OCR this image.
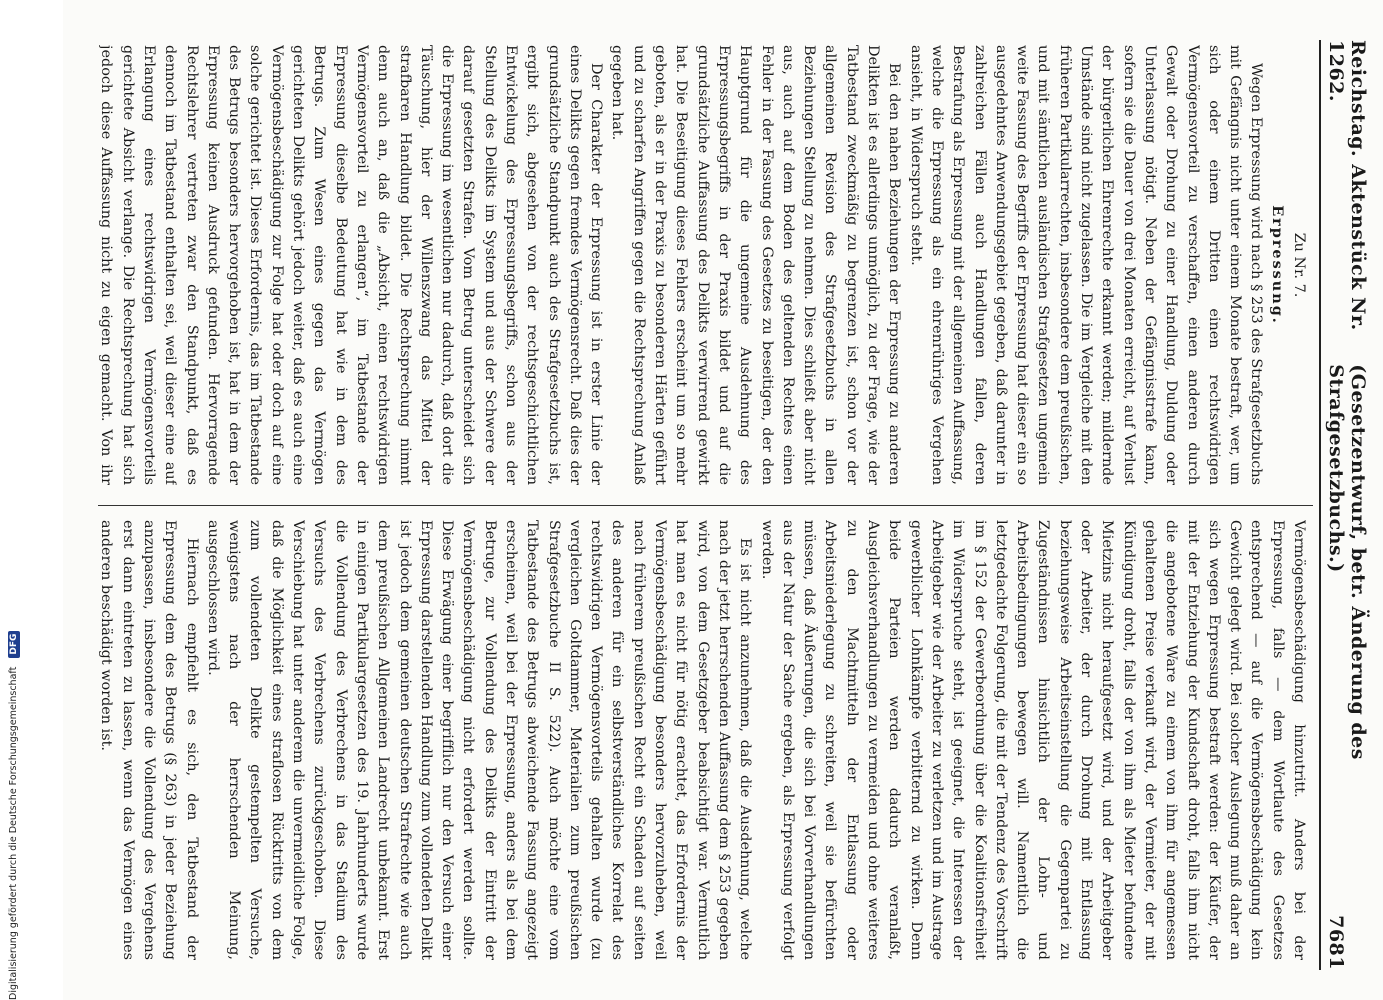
Digitalisierung gefördert durch die Deutsche Forschungsgemeinschaft DFG
Reichstag. Aktenstück Nr. 1262.
(Gesetzentwurf, betr. Änderung des Strafgesetzbuchs.)
7681

Zu Nr. 7.

Erpressung.

Wegen Erpressung wird nach § 253 des Strafgesetzbuchs mit Gefängnis nicht unter einem Monate bestraft, wer, um sich oder einem Dritten einen rechtswidrigen Vermögensvorteil zu verschaffen, einen anderen durch Gewalt oder Drohung zu einer Handlung, Duldung oder Unterlassung nötigt. Neben der Gefängnisstrafe kann, sofern sie die Dauer von drei Monaten erreicht, auf Verlust der bürgerlichen Ehrenrechte erkannt werden; mildernde Umstände sind nicht zugelassen. Die im Vergleiche mit den früheren Partikularrechten, insbesondere dem preußischen, und mit sämtlichen ausländischen Strafgesetzen ungemein weite Fassung des Begriffs der Erpressung hat dieser ein so ausgedehntes Anwendungsgebiet gegeben, daß darunter in zahlreichen Fällen auch Handlungen fallen, deren Bestrafung als Erpressung mit der allgemeinen Auffassung, welche die Erpressung als ein ehrenrühriges Vergehen ansieht, in Widerspruch steht.

Bei den nahen Beziehungen der Erpressung zu anderen Delikten ist es allerdings unmöglich, zu der Frage, wie der Tatbestand zweckmäßig zu begrenzen ist, schon vor der allgemeinen Revision des Strafgesetzbuchs in allen Beziehungen Stellung zu nehmen. Dies schließt aber nicht aus, auch auf dem Boden des geltenden Rechtes einen Fehler in der Fassung des Gesetzes zu beseitigen, der den Hauptgrund für die ungemeine Ausdehnung des Erpressungsbegriffs in der Praxis bildet und auf die grundsätzliche Auffassung des Delikts verwirrend gewirkt hat. Die Beseitigung dieses Fehlers erscheint um so mehr geboten, als er in der Praxis zu besonderen Härten geführt und zu scharfen Angriffen gegen die Rechtsprechung Anlaß gegeben hat.

Der Charakter der Erpressung ist in erster Linie der eines Delikts gegen fremdes Vermögensrecht. Daß dies der grundsätzliche Standpunkt auch des Strafgesetzbuchs ist, ergibt sich, abgesehen von der rechtsgeschichtlichen Entwickelung des Erpressungsbegriffs, schon aus der Stellung des Delikts im System und aus der Schwere der darauf gesetzten Strafen. Vom Betrug unterscheidet sich die Erpressung im wesentlichen nur dadurch, daß dort die Täuschung, hier der Willenszwang das Mittel der strafbaren Handlung bildet. Die Rechtsprechung nimmt denn auch an, daß die „Absicht, einen rechtswidrigen Vermögensvorteil zu erlangen“, im Tatbestande der Erpressung dieselbe Bedeutung hat wie in dem des Betrugs. Zum Wesen eines gegen das Vermögen gerichteten Delikts gehört jedoch weiter, daß es auch eine Vermögensbeschädigung zur Folge hat oder doch auf eine solche gerichtet ist. Dieses Erfordernis, das im Tatbestande des Betrugs besonders hervorgehoben ist, hat in dem der Erpressung keinen Ausdruck gefunden. Hervorragende Rechtslehrer vertreten zwar den Standpunkt, daß es dennoch im Tatbestand enthalten sei, weil dieser eine auf Erlangung eines rechtswidrigen Vermögensvorteils gerichtete Absicht verlange. Die Rechtsprechung hat sich jedoch diese Auffassung nicht zu eigen gemacht. Von ihr

Vermögensbeschädigung hinzutritt. Anders bei der Erpressung, falls — dem Wortlaute des Gesetzes entsprechend — auf die Vermögensbeschädigung kein Gewicht gelegt wird. Bei solcher Auslegung muß daher an sich wegen Erpressung bestraft werden: der Käufer, der mit der Entziehung der Kundschaft droht, falls ihm nicht die angebotene Ware zu einem von ihm für angemessen gehaltenen Preise verkauft wird, der Vermieter, der mit Kündigung droht, falls der von ihm als Mieter befundene Mietzins nicht heraufgesetzt wird, und der Arbeitgeber oder Arbeiter, der durch Drohung mit Entlassung beziehungsweise Arbeitseinstellung die Gegenpartei zu Zugeständnissen hinsichtlich der Lohn- und Arbeitsbedingungen bewegen will. Namentlich die letztgedachte Folgerung, die mit der Tendenz des Vorschrift im § 152 der Gewerbeordnung über die Koalitionsfreiheit im Widerspruche steht, ist geeignet, die Interessen der Arbeitgeber wie der Arbeiter zu verletzen und im Austrage gewerblicher Lohnkämpfe verbitternd zu wirken. Denn beide Parteien werden dadurch veranlaßt, Ausgleichsverhandlungen zu vermeiden und ohne weiteres zu den Machtmitteln der Entlassung oder Arbeitsniederlegung zu schreiten, weil sie befürchten müssen, daß Äußerungen, die sich bei Vorverhandlungen aus der Natur der Sache ergeben, als Erpressung verfolgt werden.

Es ist nicht anzunehmen, daß die Ausdehnung, welche nach der jetzt herrschenden Auffassung dem § 253 gegeben wird, von dem Gesetzgeber beabsichtigt war. Vermutlich hat man es nicht für nötig erachtet, das Erfordernis der Vermögensbeschädigung besonders hervorzuheben, weil nach früherem preußischen Recht ein Schaden auf seiten des anderen für ein selbstverständliches Korrelat des rechtswidrigen Vermögensvorteils gehalten wurde (zu vergleichen Goltdammer, Materialien zum preußischen Strafgesetzbuche II S. 522). Auch möchte eine vom Tatbestande des Betrugs abweichende Fassung angezeigt erscheinen, weil bei der Erpressung, anders als bei dem Betruge, zur Vollendung des Delikts der Eintritt der Vermögensbeschädigung nicht erfordert werden sollte. Diese Erwägung einer begrifflich nur den Versuch einer Erpressung darstellenden Handlung zum vollendeten Delikt ist jedoch dem gemeinen deutschen Strafrechte wie auch dem preußischen Allgemeinen Landrecht unbekannt. Erst in einigen Partikulargesetzen des 19. Jahrhunderts wurde die Vollendung des Verbrechens in das Stadium des Versuchs des Verbrechens zurückgeschoben. Diese Verschiebung hat unter anderem die unvermeidliche Folge, daß die Möglichkeit eines straflosen Rücktritts von dem zum vollendeten Delikte gestempelten Versuche, wenigstens nach der herrschenden Meinung, ausgeschlossen wird.

Hiernach empfiehlt es sich, den Tatbestand der Erpressung dem des Betrugs (§ 263) in jeder Beziehung anzupassen, insbesondere die Vollendung des Vergehens erst dann eintreten zu lassen, wenn das Vermögen eines anderen beschädigt worden ist.
